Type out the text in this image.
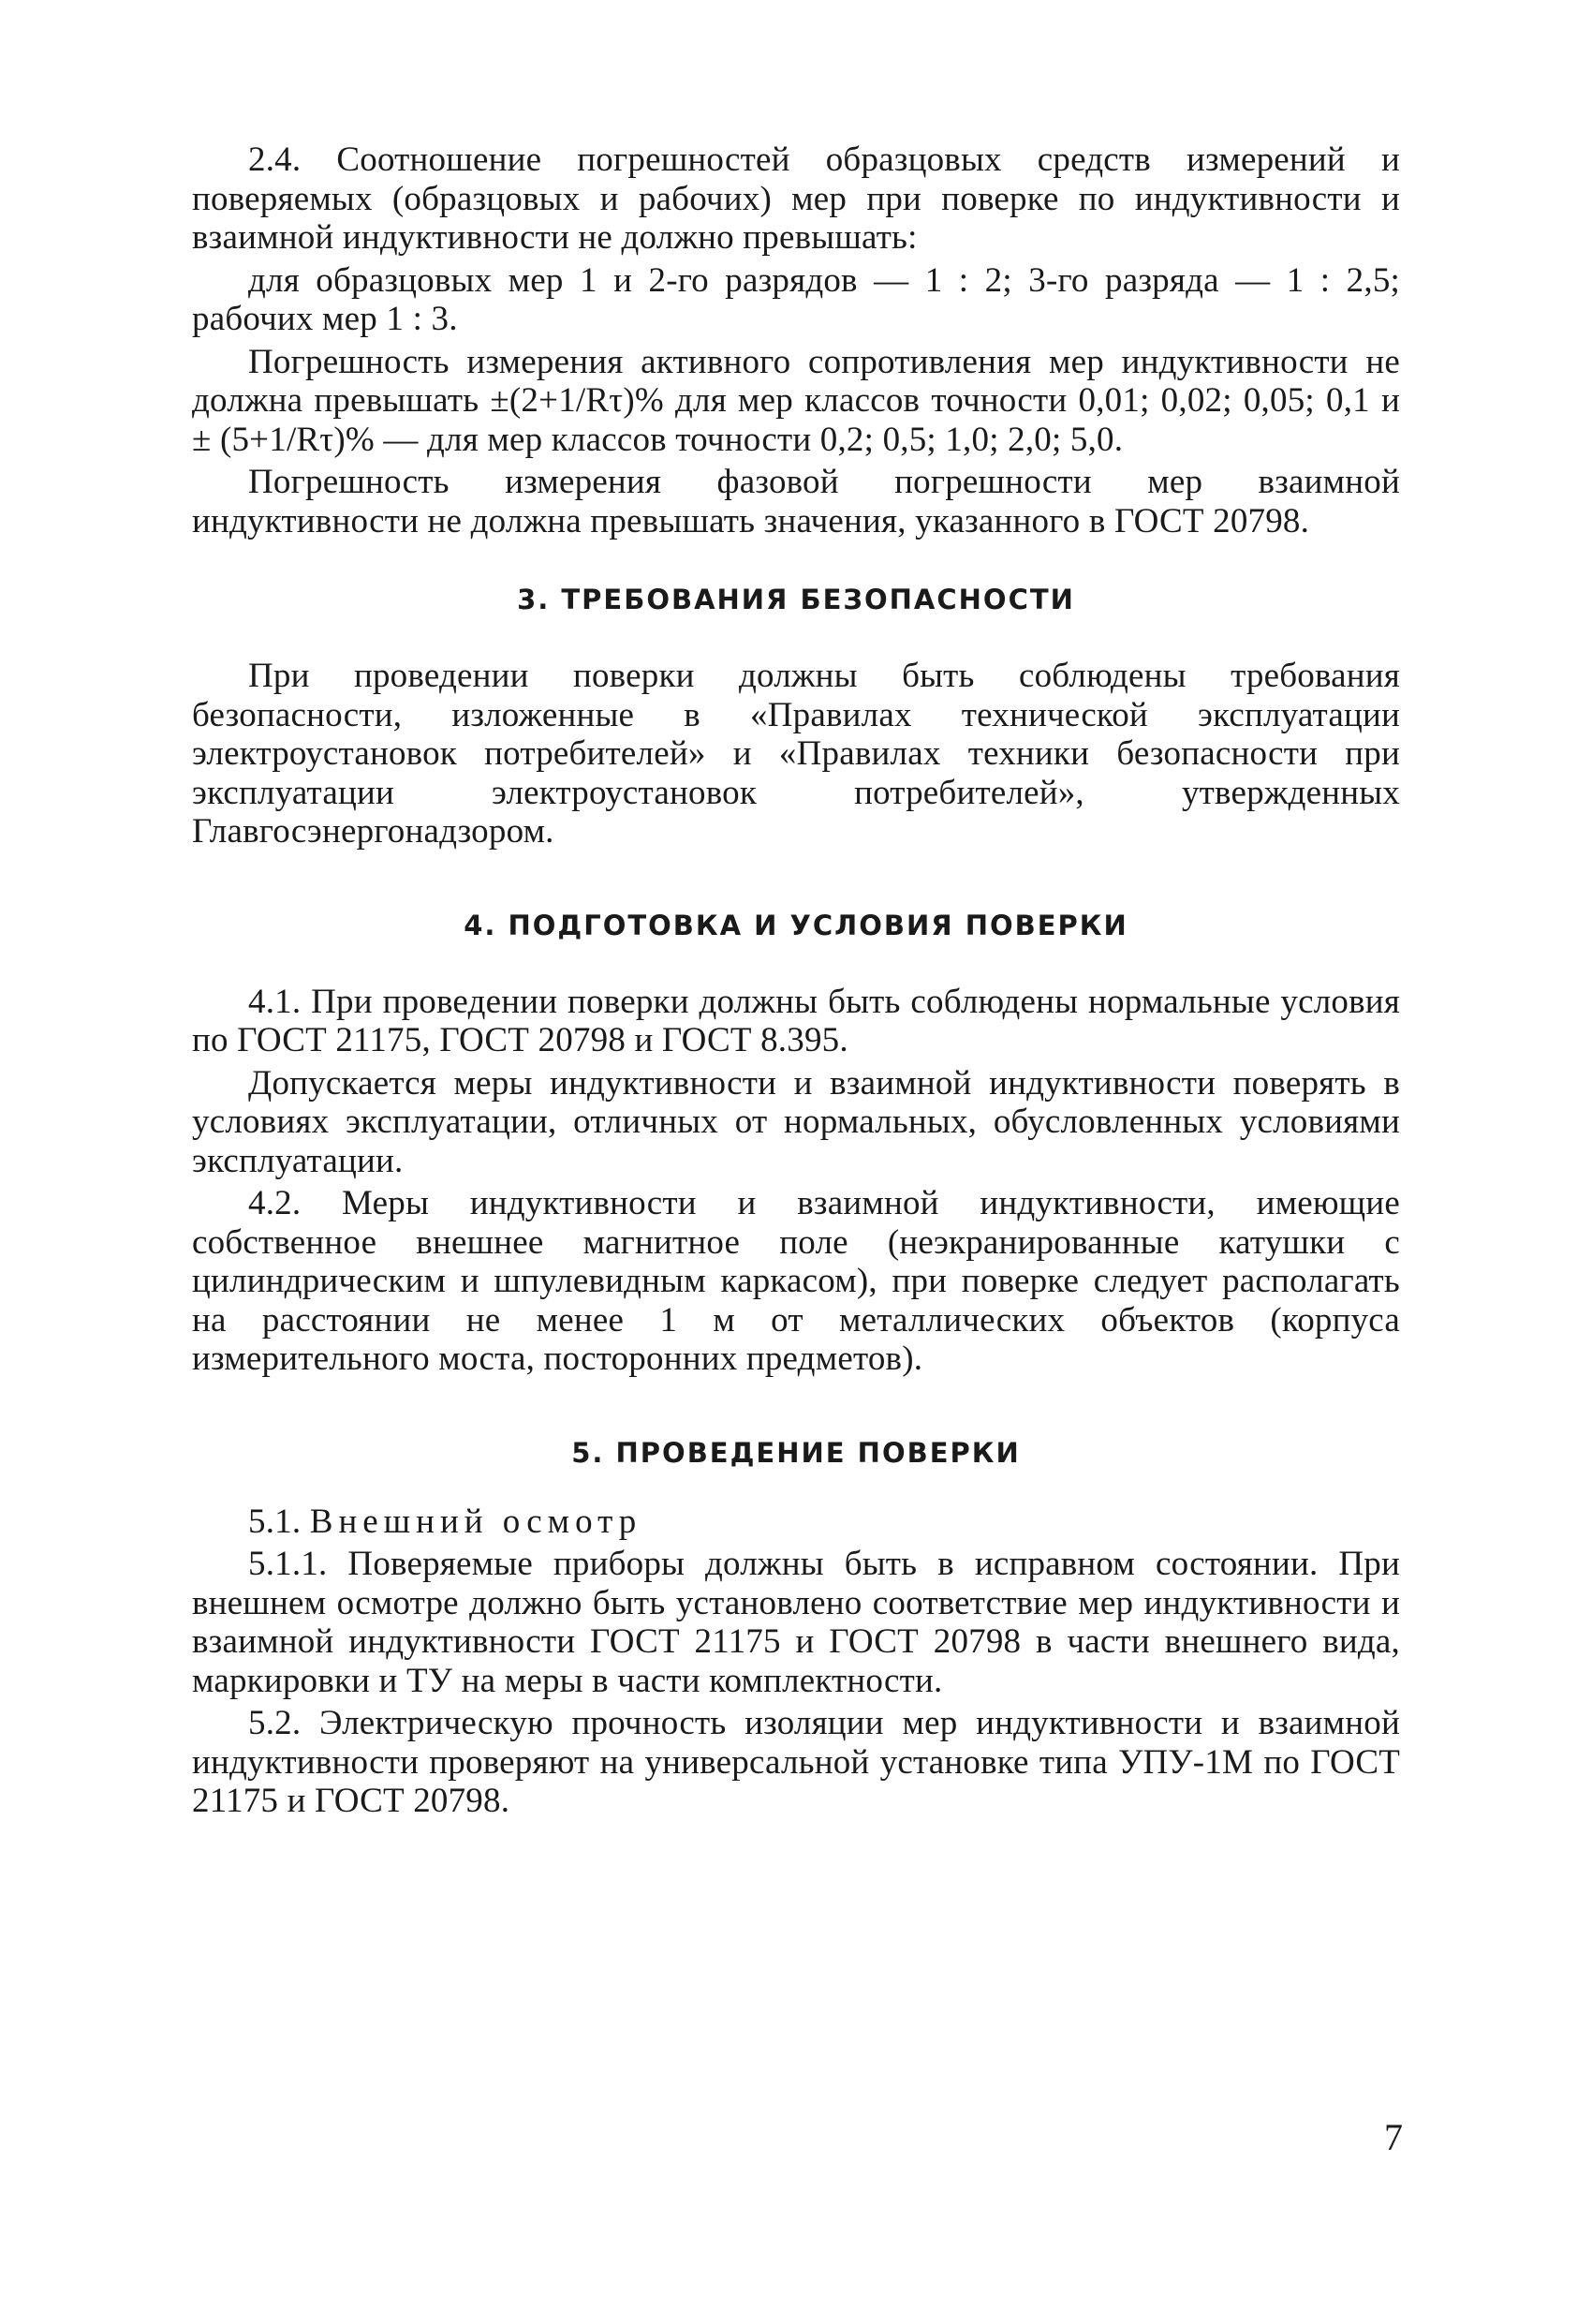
2.4. Соотношение погрешностей образцовых средств измерений и поверяемых (образцовых и рабочих) мер при поверке по индуктивности и взаимной индуктивности не должно превышать:

для образцовых мер 1 и 2-го разрядов — 1 : 2; 3-го разряда — 1 : 2,5; рабочих мер 1 : 3.

Погрешность измерения активного сопротивления мер индуктивности не должна превышать ±(2+1/Rτ)% для мер классов точности 0,01; 0,02; 0,05; 0,1 и ± (5+1/Rτ)% — для мер классов точности 0,2; 0,5; 1,0; 2,0; 5,0.

Погрешность измерения фазовой погрешности мер взаимной индуктивности не должна превышать значения, указанного в ГОСТ 20798.

3. ТРЕБОВАНИЯ БЕЗОПАСНОСТИ

При проведении поверки должны быть соблюдены требования безопасности, изложенные в «Правилах технической эксплуатации электроустановок потребителей» и «Правилах техники безопасности при эксплуатации электроустановок потребителей», утвержденных Главгосэнергонадзором.

4. ПОДГОТОВКА И УСЛОВИЯ ПОВЕРКИ

4.1. При проведении поверки должны быть соблюдены нормальные условия по ГОСТ 21175, ГОСТ 20798 и ГОСТ 8.395.

Допускается меры индуктивности и взаимной индуктивности поверять в условиях эксплуатации, отличных от нормальных, обусловленных условиями эксплуатации.

4.2. Меры индуктивности и взаимной индуктивности, имеющие собственное внешнее магнитное поле (неэкранированные катушки с цилиндрическим и шпулевидным каркасом), при поверке следует располагать на расстоянии не менее 1 м от металлических объектов (корпуса измерительного моста, посторонних предметов).

5. ПРОВЕДЕНИЕ ПОВЕРКИ

5.1. Внешний осмотр

5.1.1. Поверяемые приборы должны быть в исправном состоянии. При внешнем осмотре должно быть установлено соответствие мер индуктивности и взаимной индуктивности ГОСТ 21175 и ГОСТ 20798 в части внешнего вида, маркировки и ТУ на меры в части комплектности.

5.2. Электрическую прочность изоляции мер индуктивности и взаимной индуктивности проверяют на универсальной установке типа УПУ-1М по ГОСТ 21175 и ГОСТ 20798.

7
